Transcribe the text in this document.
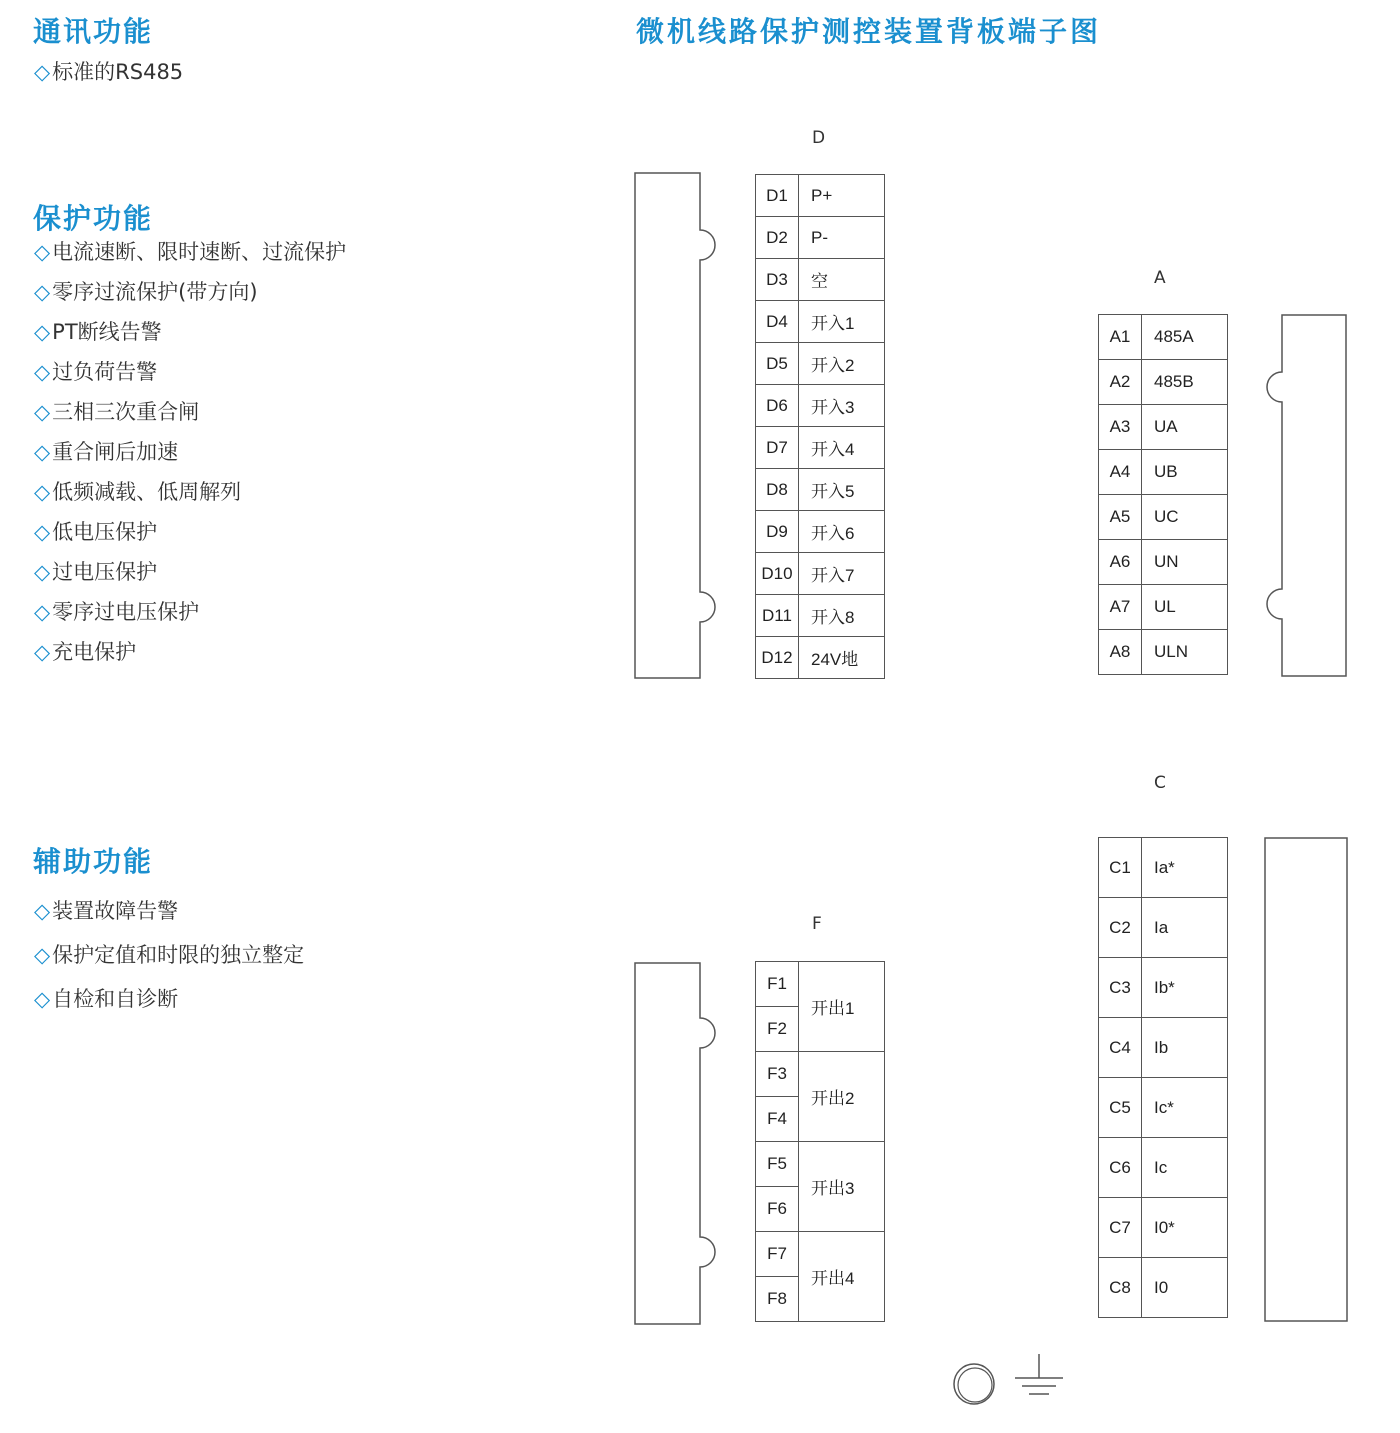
通讯功能
◇标准的RS485
保护功能
◇电流速断、限时速断、过流保护
◇零序过流保护(带方向)
◇PT断线告警
◇过负荷告警
◇三相三次重合闸
◇重合闸后加速
◇低频减载、低周解列
◇低电压保护
◇过电压保护
◇零序过电压保护
◇充电保护
辅助功能
◇装置故障告警
◇保护定值和时限的独立整定
◇自检和自诊断
微机线路保护测控装置背板端子图
D
D1	P+
D2	P-
D3	空
D4	开入1
D5	开入2
D6	开入3
D7	开入4
D8	开入5
D9	开入6
D10	开入7
D11	开入8
D12	24V地
A
A1	485A
A2	485B
A3	UA
A4	UB
A5	UC
A6	UN
A7	UL
A8	ULN
C
C1	Ia*
C2	Ia
C3	Ib*
C4	Ib
C5	Ic*
C6	Ic
C7	I0*
C8	I0
F
F1	开出1
F2	
F3	开出2
F4	
F5	开出3
F6	
F7	开出4
F8	
